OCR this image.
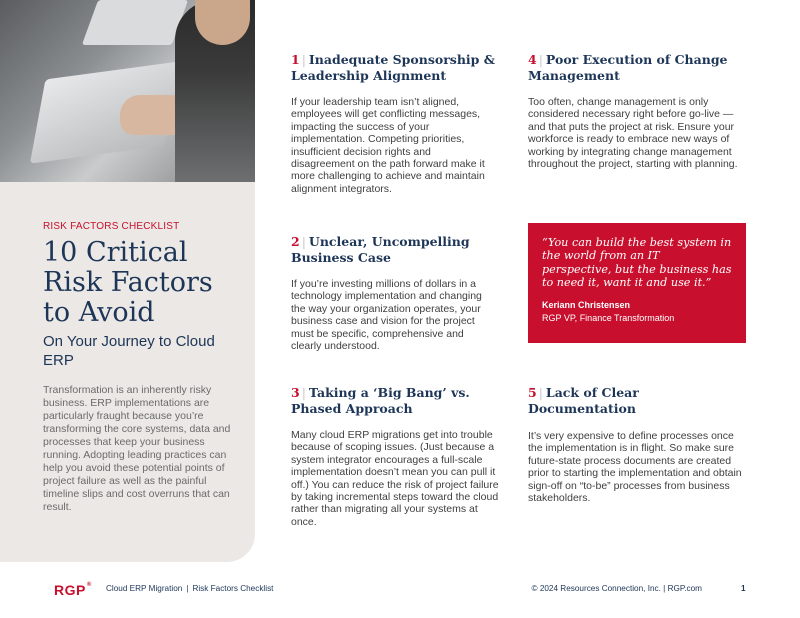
RISK FACTORS CHECKLIST
10 Critical Risk Factors to Avoid
On Your Journey to Cloud ERP
Transformation is an inherently risky business. ERP implementations are particularly fraught because you’re transforming the core systems, data and processes that keep your business running. Adopting leading practices can help you avoid these potential points of project failure as well as the painful timeline slips and cost overruns that can result.
1 | Inadequate Sponsorship & Leadership Alignment

If your leadership team isn’t aligned, employees will get conflicting messages, impacting the success of your implementation. Competing priorities, insufficient decision rights and disagreement on the path forward make it more challenging to achieve and maintain alignment integrators.

4 | Poor Execution of Change Management

Too often, change management is only considered necessary right before go-live — and that puts the project at risk. Ensure your workforce is ready to embrace new ways of working by integrating change management throughout the project, starting with planning.

2 | Unclear, Uncompelling Business Case

If you’re investing millions of dollars in a technology implementation and changing the way your organization operates, your business case and vision for the project must be specific, comprehensive and clearly understood.

“You can build the best system in the world from an IT perspective, but the business has to need it, want it and use it.”
Keriann Christensen
RGP VP, Finance Transformation
3 | Taking a ‘Big Bang’ vs. Phased Approach

Many cloud ERP migrations get into trouble because of scoping issues. (Just because a system integrator encourages a full-scale implementation doesn’t mean you can pull it off.) You can reduce the risk of project failure by taking incremental steps toward the cloud rather than migrating all your systems at once.

5 | Lack of Clear Documentation

It’s very expensive to define processes once the implementation is in flight. So make sure future-state process documents are created prior to starting the implementation and obtain sign-off on “to-be” processes from business stakeholders.

RGP® Cloud ERP Migration | Risk Factors Checklist	© 2024 Resources Connection, Inc. | RGP.com	1
